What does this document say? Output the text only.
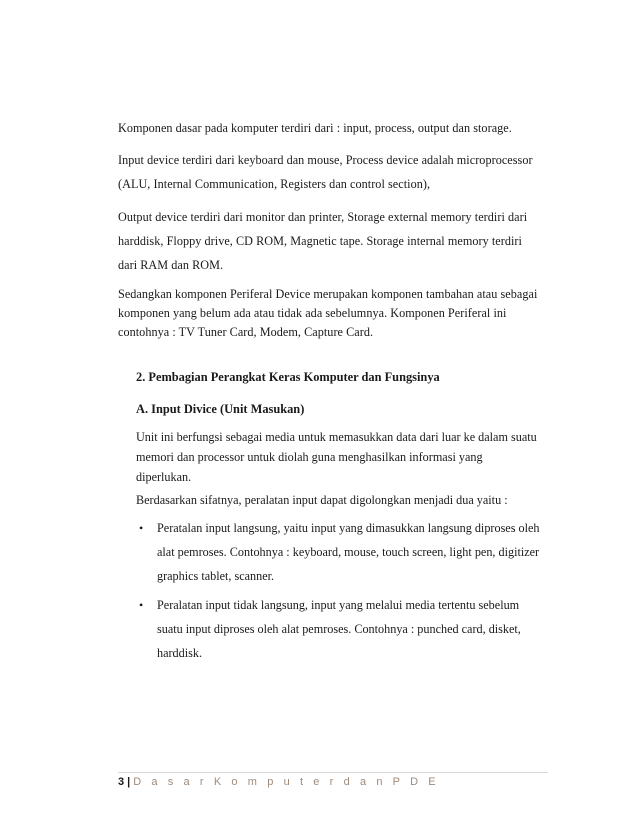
Komponen dasar pada komputer terdiri dari : input, process, output dan storage.
Input device terdiri dari keyboard dan mouse, Process device adalah microprocessor
(ALU, Internal Communication, Registers dan control section),
Output device terdiri dari monitor dan printer, Storage external memory terdiri dari
harddisk, Floppy drive, CD ROM, Magnetic tape. Storage internal memory terdiri
dari RAM dan ROM.
Sedangkan komponen Periferal Device merupakan komponen tambahan atau sebagai
komponen yang belum ada atau tidak ada sebelumnya. Komponen Periferal ini
contohnya : TV Tuner Card, Modem, Capture Card.
2. Pembagian Perangkat Keras Komputer dan Fungsinya
A. Input Divice (Unit Masukan)
Unit ini berfungsi sebagai media untuk memasukkan data dari luar ke dalam suatu
memori dan processor untuk diolah guna menghasilkan informasi yang
diperlukan.
Berdasarkan sifatnya, peralatan input dapat digolongkan menjadi dua yaitu :
• Peratalan input langsung, yaitu input yang dimasukkan langsung diproses oleh
alat pemroses. Contohnya : keyboard, mouse, touch screen, light pen, digitizer
graphics tablet, scanner.
• Peralatan input tidak langsung, input yang melalui media tertentu sebelum
suatu input diproses oleh alat pemroses. Contohnya : punched card, disket,
harddisk.
3 | D a s a r K o m p u t e r d a n P D E
